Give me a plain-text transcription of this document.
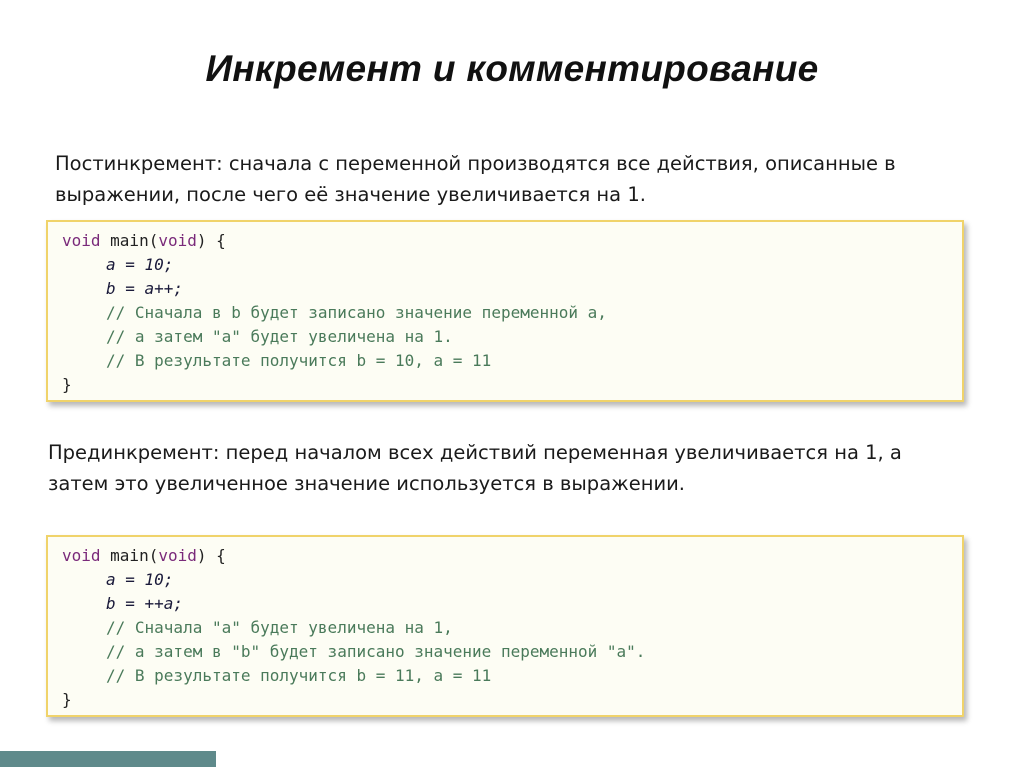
Инкремент и комментирование
Постинкремент: сначала с переменной производятся все действия, описанные в
выражении, после чего её значение увеличивается на 1.
void main(void) {
a = 10;
b = a++;
// Сначала в b будет записано значение переменной a,
// а затем "a" будет увеличена на 1.
// В результате получится b = 10, a = 11
}
Прединкремент: перед началом всех действий переменная увеличивается на 1, а
затем это увеличенное значение используется в выражении.
void main(void) {
a = 10;
b = ++a;
// Сначала "a" будет увеличена на 1,
// а затем в "b" будет записано значение переменной "a".
// В результате получится b = 11, a = 11
}
